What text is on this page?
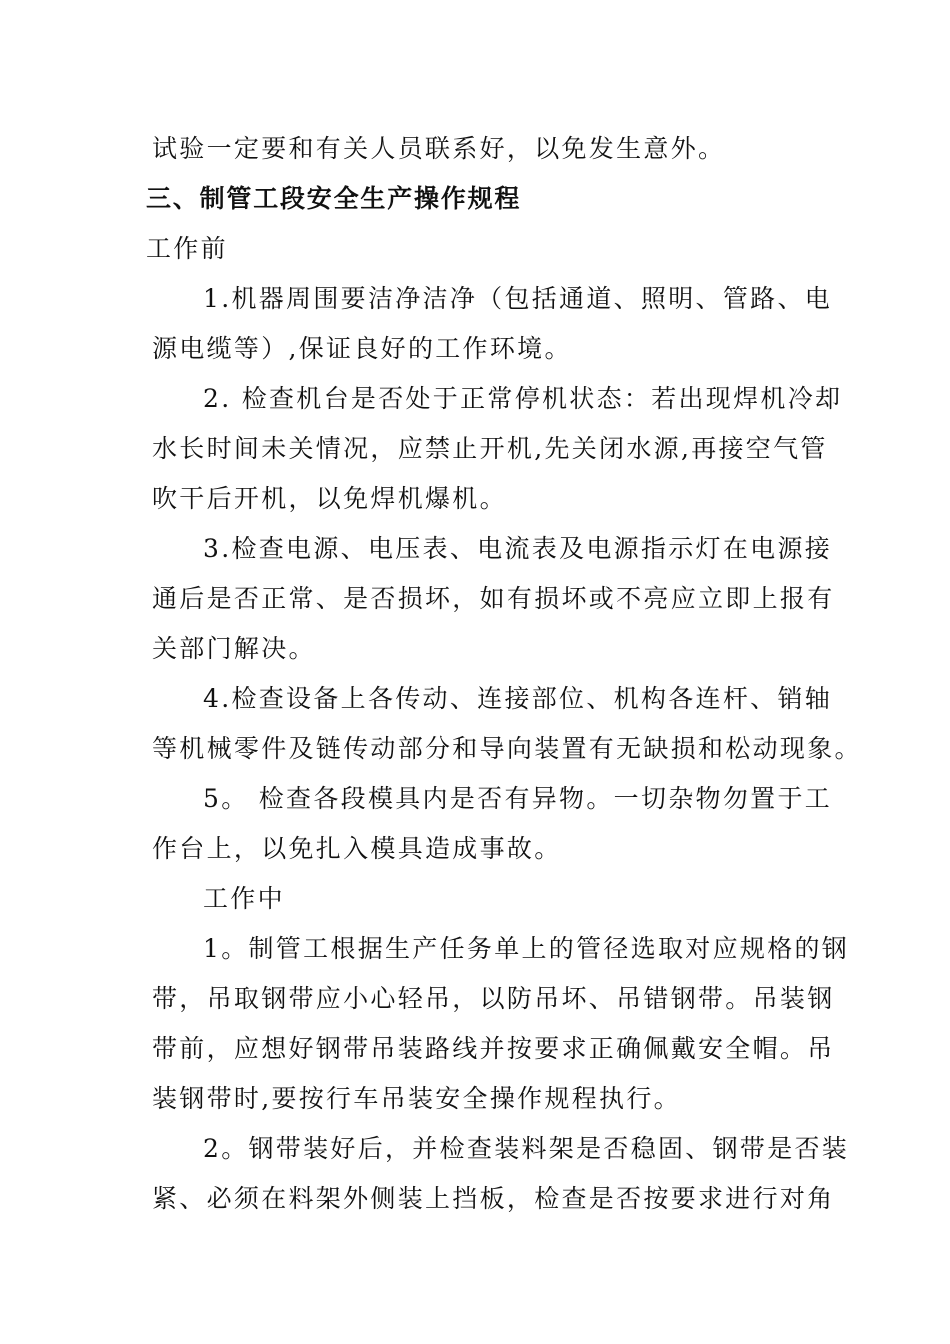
试验一定要和有关人员联系好，以免发生意外。
三、制管工段安全生产操作规程
工作前
1.机器周围要洁净洁净（包括通道、照明、管路、电
源电缆等）,保证良好的工作环境。
2. 检查机台是否处于正常停机状态：若出现焊机冷却
水长时间未关情况，应禁止开机,先关闭水源,再接空气管
吹干后开机，以免焊机爆机。
3.检查电源、电压表、电流表及电源指示灯在电源接
通后是否正常、是否损坏，如有损坏或不亮应立即上报有
关部门解决。
4.检查设备上各传动、连接部位、机构各连杆、销轴
等机械零件及链传动部分和导向装置有无缺损和松动现象。
5。 检查各段模具内是否有异物。一切杂物勿置于工
作台上，以免扎入模具造成事故。
工作中
1。制管工根据生产任务单上的管径选取对应规格的钢
带，吊取钢带应小心轻吊，以防吊坏、吊错钢带。吊装钢
带前，应想好钢带吊装路线并按要求正确佩戴安全帽。吊
装钢带时,要按行车吊装安全操作规程执行。
2。钢带装好后，并检查装料架是否稳固、钢带是否装
紧、必须在料架外侧装上挡板，检查是否按要求进行对角
